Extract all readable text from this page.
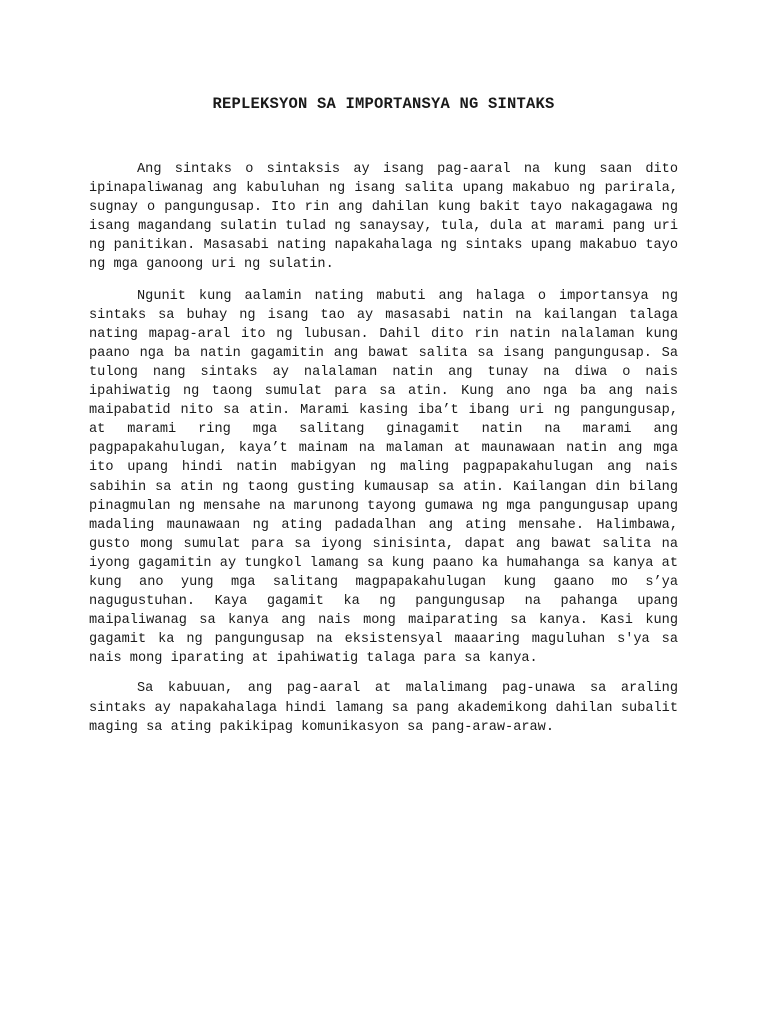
REPLEKSYON SA IMPORTANSYA NG SINTAKS

Ang sintaks o sintaksis ay isang pag-aaral na kung saan dito ipinapaliwanag ang kabuluhan ng isang salita upang makabuo ng parirala, sugnay o pangungusap. Ito rin ang dahilan kung bakit tayo nakagagawa ng isang magandang sulatin tulad ng sanaysay, tula, dula at marami pang uri ng panitikan. Masasabi nating napakahalaga ng sintaks upang makabuo tayo ng mga ganoong uri ng sulatin.

Ngunit kung aalamin nating mabuti ang halaga o importansya ng sintaks sa buhay ng isang tao ay masasabi natin na kailangan talaga nating mapag-aral ito ng lubusan. Dahil dito rin natin nalalaman kung paano nga ba natin gagamitin ang bawat salita sa isang pangungusap. Sa tulong nang sintaks ay nalalaman natin ang tunay na diwa o nais ipahiwatig ng taong sumulat para sa atin. Kung ano nga ba ang nais maipabatid nito sa atin. Marami kasing iba’t ibang uri ng pangungusap, at marami ring mga salitang ginagamit natin na marami ang pagpapakahulugan, kaya’t mainam na malaman at maunawaan natin ang mga ito upang hindi natin mabigyan ng maling pagpapakahulugan ang nais sabihin sa atin ng taong gusting kumausap sa atin. Kailangan din bilang pinagmulan ng mensahe na marunong tayong gumawa ng mga pangungusap upang madaling maunawaan ng ating padadalhan ang ating mensahe. Halimbawa, gusto mong sumulat para sa iyong sinisinta, dapat ang bawat salita na iyong gagamitin ay tungkol lamang sa kung paano ka humahanga sa kanya at kung ano yung mga salitang magpapakahulugan kung gaano mo s’ya nagugustuhan. Kaya gagamit ka ng pangungusap na pahanga upang maipaliwanag sa kanya ang nais mong maiparating sa kanya. Kasi kung gagamit ka ng pangungusap na eksistensyal maaaring maguluhan s'ya sa nais mong iparating at ipahiwatig talaga para sa kanya.

Sa kabuuan, ang pag-aaral at malalimang pag-unawa sa araling sintaks ay napakahalaga hindi lamang sa pang akademikong dahilan subalit maging sa ating pakikipag komunikasyon sa pang-araw-araw.
